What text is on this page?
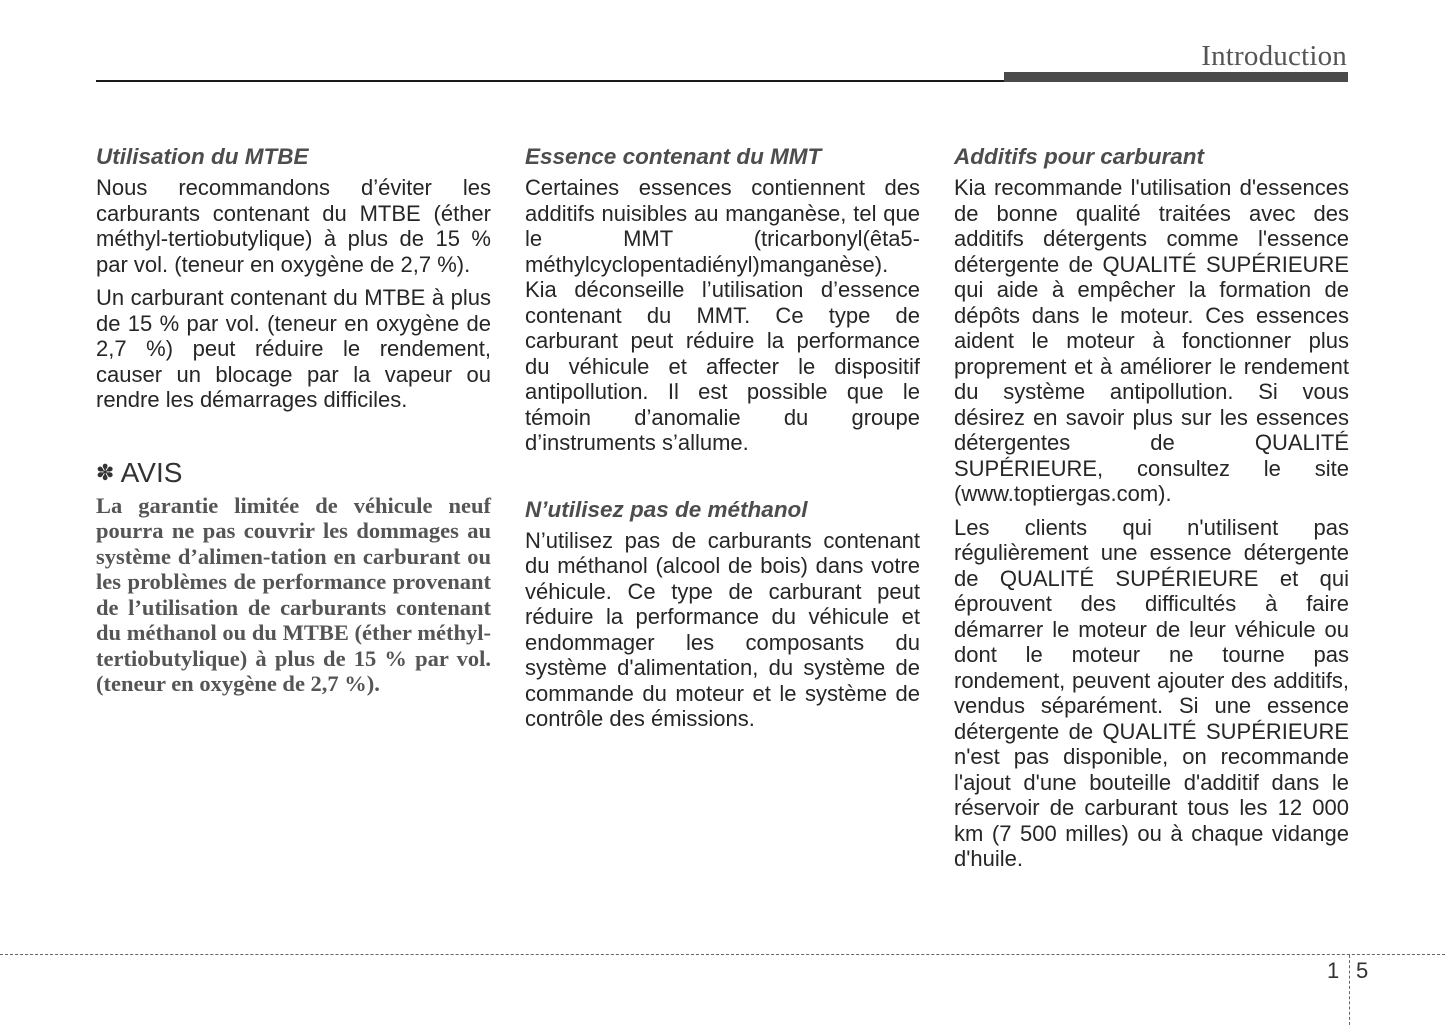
Introduction
Utilisation du MTBE

Nous recommandons d’éviter les carburants contenant du MTBE (éther méthyl-tertiobutylique) à plus de 15 % par vol. (teneur en oxygène de 2,7 %).

Un carburant contenant du MTBE à plus de 15 % par vol. (teneur en oxygène de 2,7 %) peut réduire le rendement, causer un blocage par la vapeur ou rendre les démarrages difficiles.

✽ AVIS

La garantie limitée de véhicule neuf pourra ne pas couvrir les dommages au système d’alimen-tation en carburant ou les problèmes de performance provenant de l’utilisation de carburants contenant du méthanol ou du MTBE (éther méthyl-tertiobutylique) à plus de 15 % par vol. (teneur en oxygène de 2,7 %).

Essence contenant du MMT

Certaines essences contiennent des additifs nuisibles au manganèse, tel que le MMT (tricarbonyl(êta5-méthylcyclopentadiényl)manganèse). Kia déconseille l’utilisation d’essence contenant du MMT. Ce type de carburant peut réduire la performance du véhicule et affecter le dispositif antipollution. Il est possible que le témoin d’anomalie du groupe d’instruments s’allume.

N’utilisez pas de méthanol

N’utilisez pas de carburants contenant du méthanol (alcool de bois) dans votre véhicule. Ce type de carburant peut réduire la performance du véhicule et endommager les composants du système d'alimentation, du système de commande du moteur et le système de contrôle des émissions.

Additifs pour carburant

Kia recommande l'utilisation d'essences de bonne qualité traitées avec des additifs détergents comme l'essence détergente de QUALITÉ SUPÉRIEURE qui aide à empêcher la formation de dépôts dans le moteur. Ces essences aident le moteur à fonctionner plus proprement et à améliorer le rendement du système antipollution. Si vous désirez en savoir plus sur les essences détergentes de QUALITÉ SUPÉRIEURE, consultez le site (www.toptiergas.com).

Les clients qui n'utilisent pas régulièrement une essence détergente de QUALITÉ SUPÉRIEURE et qui éprouvent des difficultés à faire démarrer le moteur de leur véhicule ou dont le moteur ne tourne pas rondement, peuvent ajouter des additifs, vendus séparément. Si une essence détergente de QUALITÉ SUPÉRIEURE n'est pas disponible, on recommande l'ajout d'une bouteille d'additif dans le réservoir de carburant tous les 12 000 km (7 500 milles) ou à chaque vidange d'huile.

1 5
